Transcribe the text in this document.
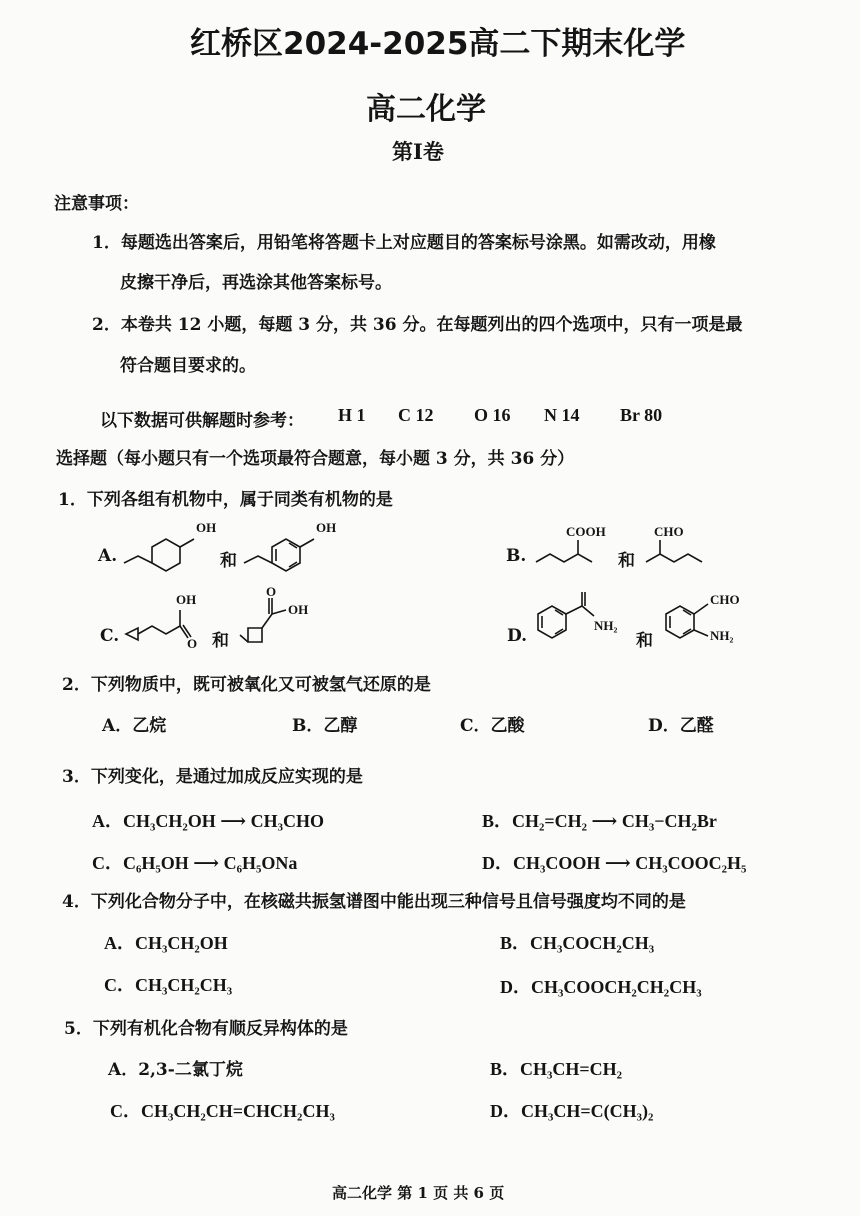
红桥区2024-2025高二下期末化学
高二化学
第Ⅰ卷
注意事项：
1．每题选出答案后，用铅笔将答题卡上对应题目的答案标号涂黑。如需改动，用橡
皮擦干净后，再选涂其他答案标号。
2．本卷共 12 小题，每题 3 分，共 36 分。在每题列出的四个选项中，只有一项是最
符合题目要求的。
以下数据可供解题时参考： H 1 C 12 O 16 N 14 Br 80
选择题（每小题只有一个选项最符合题意，每小题 3 分，共 36 分）
1．下列各组有机物中，属于同类有机物的是
A.
OH
和
OH
B.
COOH
和
CHO
C.
OH
O 和
O
OH
D.
NH₂
和
CHO
NH₂
2．下列物质中，既可被氧化又可被氢气还原的是
A．乙烷	B．乙醇	C．乙酸	D．乙醛
3．下列变化，是通过加成反应实现的是
A．CH₃CH₂OH ⟶ CH₃CHO	B．CH₂=CH₂ ⟶ CH₃−CH₂Br
C．C₆H₅OH ⟶ C₆H₅ONa	D．CH₃COOH ⟶ CH₃COOC₂H₅
4．下列化合物分子中，在核磁共振氢谱图中能出现三种信号且信号强度均不同的是
A．CH₃CH₂OH	B．CH₃COCH₂CH₃
C．CH₃CH₂CH₃	D．CH₃COOCH₂CH₂CH₃
5．下列有机化合物有顺反异构体的是
A．2,3-二氯丁烷	B．CH₃CH=CH₂
C．CH₃CH₂CH=CHCH₂CH₃	D．CH₃CH=C(CH₃)₂
高二化学 第 1 页 共 6 页
